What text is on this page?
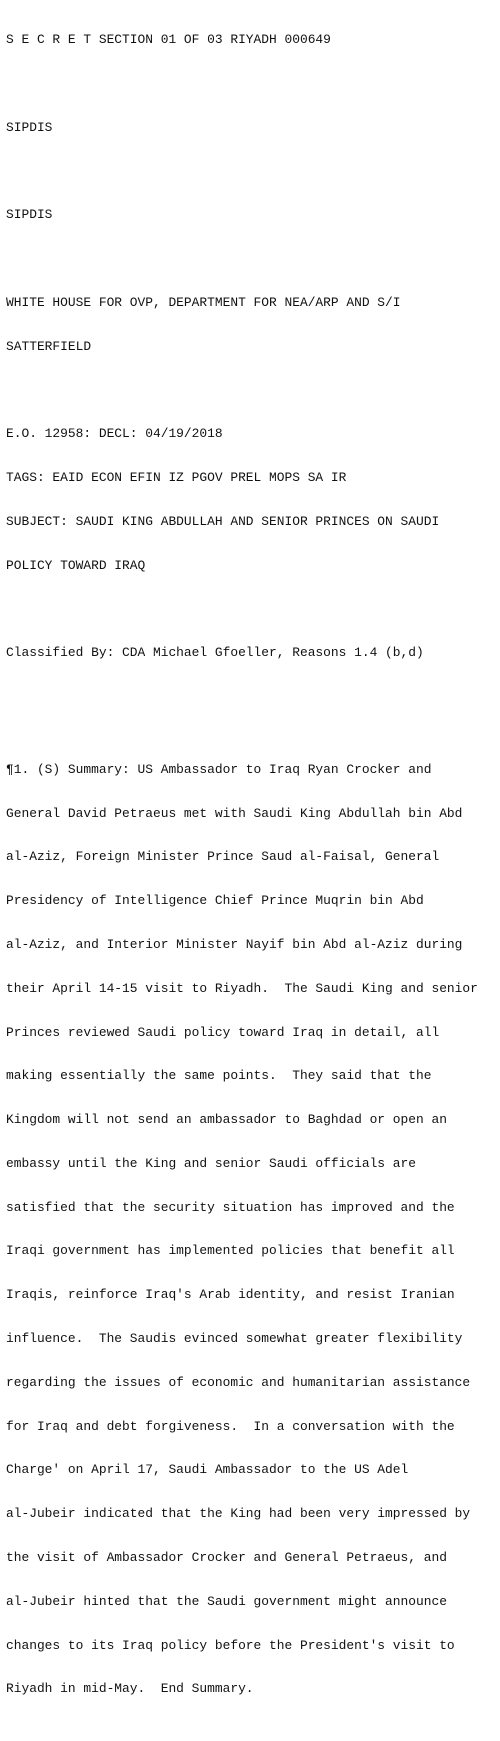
S E C R E T SECTION 01 OF 03 RIYADH 000649

SIPDIS

SIPDIS

WHITE HOUSE FOR OVP, DEPARTMENT FOR NEA/ARP AND S/I

SATTERFIELD

E.O. 12958: DECL: 04/19/2018

TAGS: EAID ECON EFIN IZ PGOV PREL MOPS SA IR

SUBJECT: SAUDI KING ABDULLAH AND SENIOR PRINCES ON SAUDI

POLICY TOWARD IRAQ

Classified By: CDA Michael Gfoeller, Reasons 1.4 (b,d)

¶1. (S) Summary: US Ambassador to Iraq Ryan Crocker and

General David Petraeus met with Saudi King Abdullah bin Abd

al-Aziz, Foreign Minister Prince Saud al-Faisal, General

Presidency of Intelligence Chief Prince Muqrin bin Abd

al-Aziz, and Interior Minister Nayif bin Abd al-Aziz during

their April 14-15 visit to Riyadh.  The Saudi King and senior

Princes reviewed Saudi policy toward Iraq in detail, all

making essentially the same points.  They said that the

Kingdom will not send an ambassador to Baghdad or open an

embassy until the King and senior Saudi officials are

satisfied that the security situation has improved and the

Iraqi government has implemented policies that benefit all

Iraqis, reinforce Iraq's Arab identity, and resist Iranian

influence.  The Saudis evinced somewhat greater flexibility

regarding the issues of economic and humanitarian assistance

for Iraq and debt forgiveness.  In a conversation with the

Charge' on April 17, Saudi Ambassador to the US Adel

al-Jubeir indicated that the King had been very impressed by

the visit of Ambassador Crocker and General Petraeus, and

al-Jubeir hinted that the Saudi government might announce

changes to its Iraq policy before the President's visit to

Riyadh in mid-May.  End Summary.
